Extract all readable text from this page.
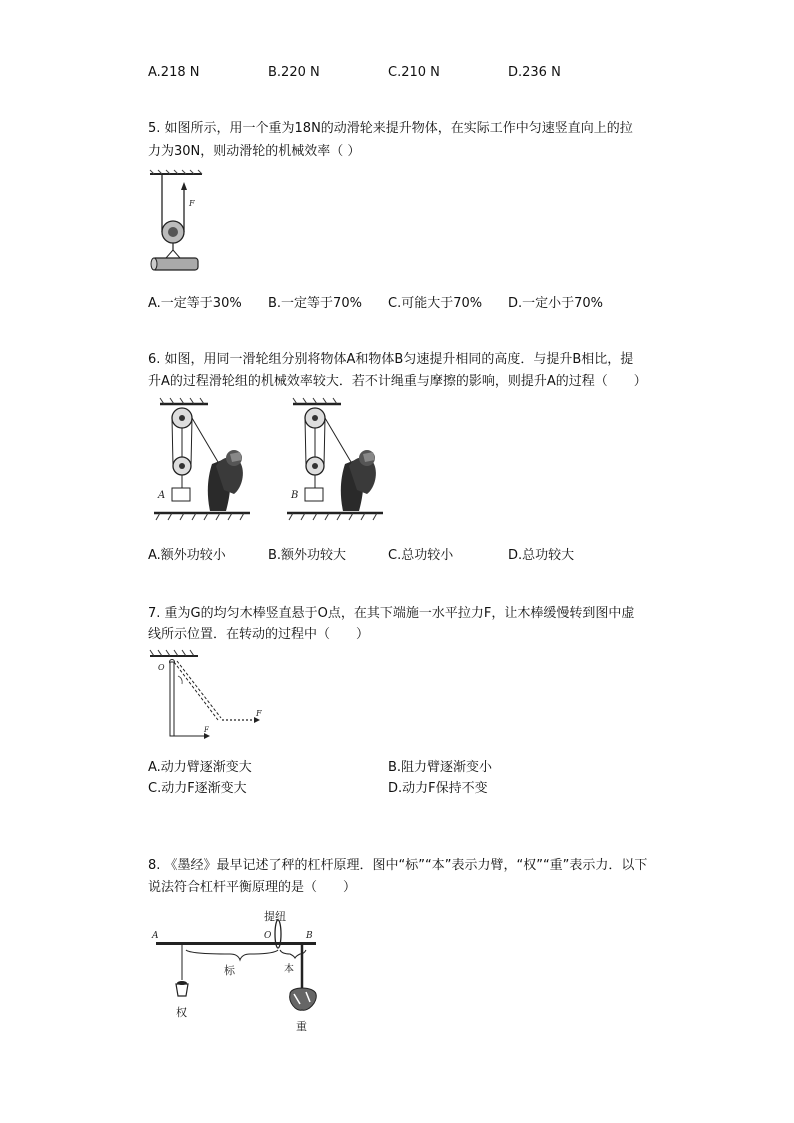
A.218 N	B.220 N	C.210 N	D.236 N
5. 如图所示，用一个重为18N的动滑轮来提升物体，在实际工作中匀速竖直向上的拉
力为30N，则动滑轮的机械效率（ ）
F
A.一定等于30% B.一定等于70% C.可能大于70% D.一定小于70%
6. 如图，用同一滑轮组分别将物体A和物体B匀速提升相同的高度．与提升B相比，提
升A的过程滑轮组的机械效率较大．若不计绳重与摩擦的影响，则提升A的过程（　　）
A	B
A.额外功较小	B.额外功较大	C.总功较小	D.总功较大
7. 重为G的均匀木棒竖直悬于O点，在其下端施一水平拉力F，让木棒缓慢转到图中虚
线所示位置．在转动的过程中（　　）
O
F
F
A.动力臂逐渐变大	B.阻力臂逐渐变小
C.动力F逐渐变大	D.动力F保持不变
8. 《墨经》最早记述了秤的杠杆原理．图中“标”“本”表示力臂，“权”“重”表示力．以下
说法符合杠杆平衡原理的是（　　）
提纽
A	O	B
权
标	本
重
